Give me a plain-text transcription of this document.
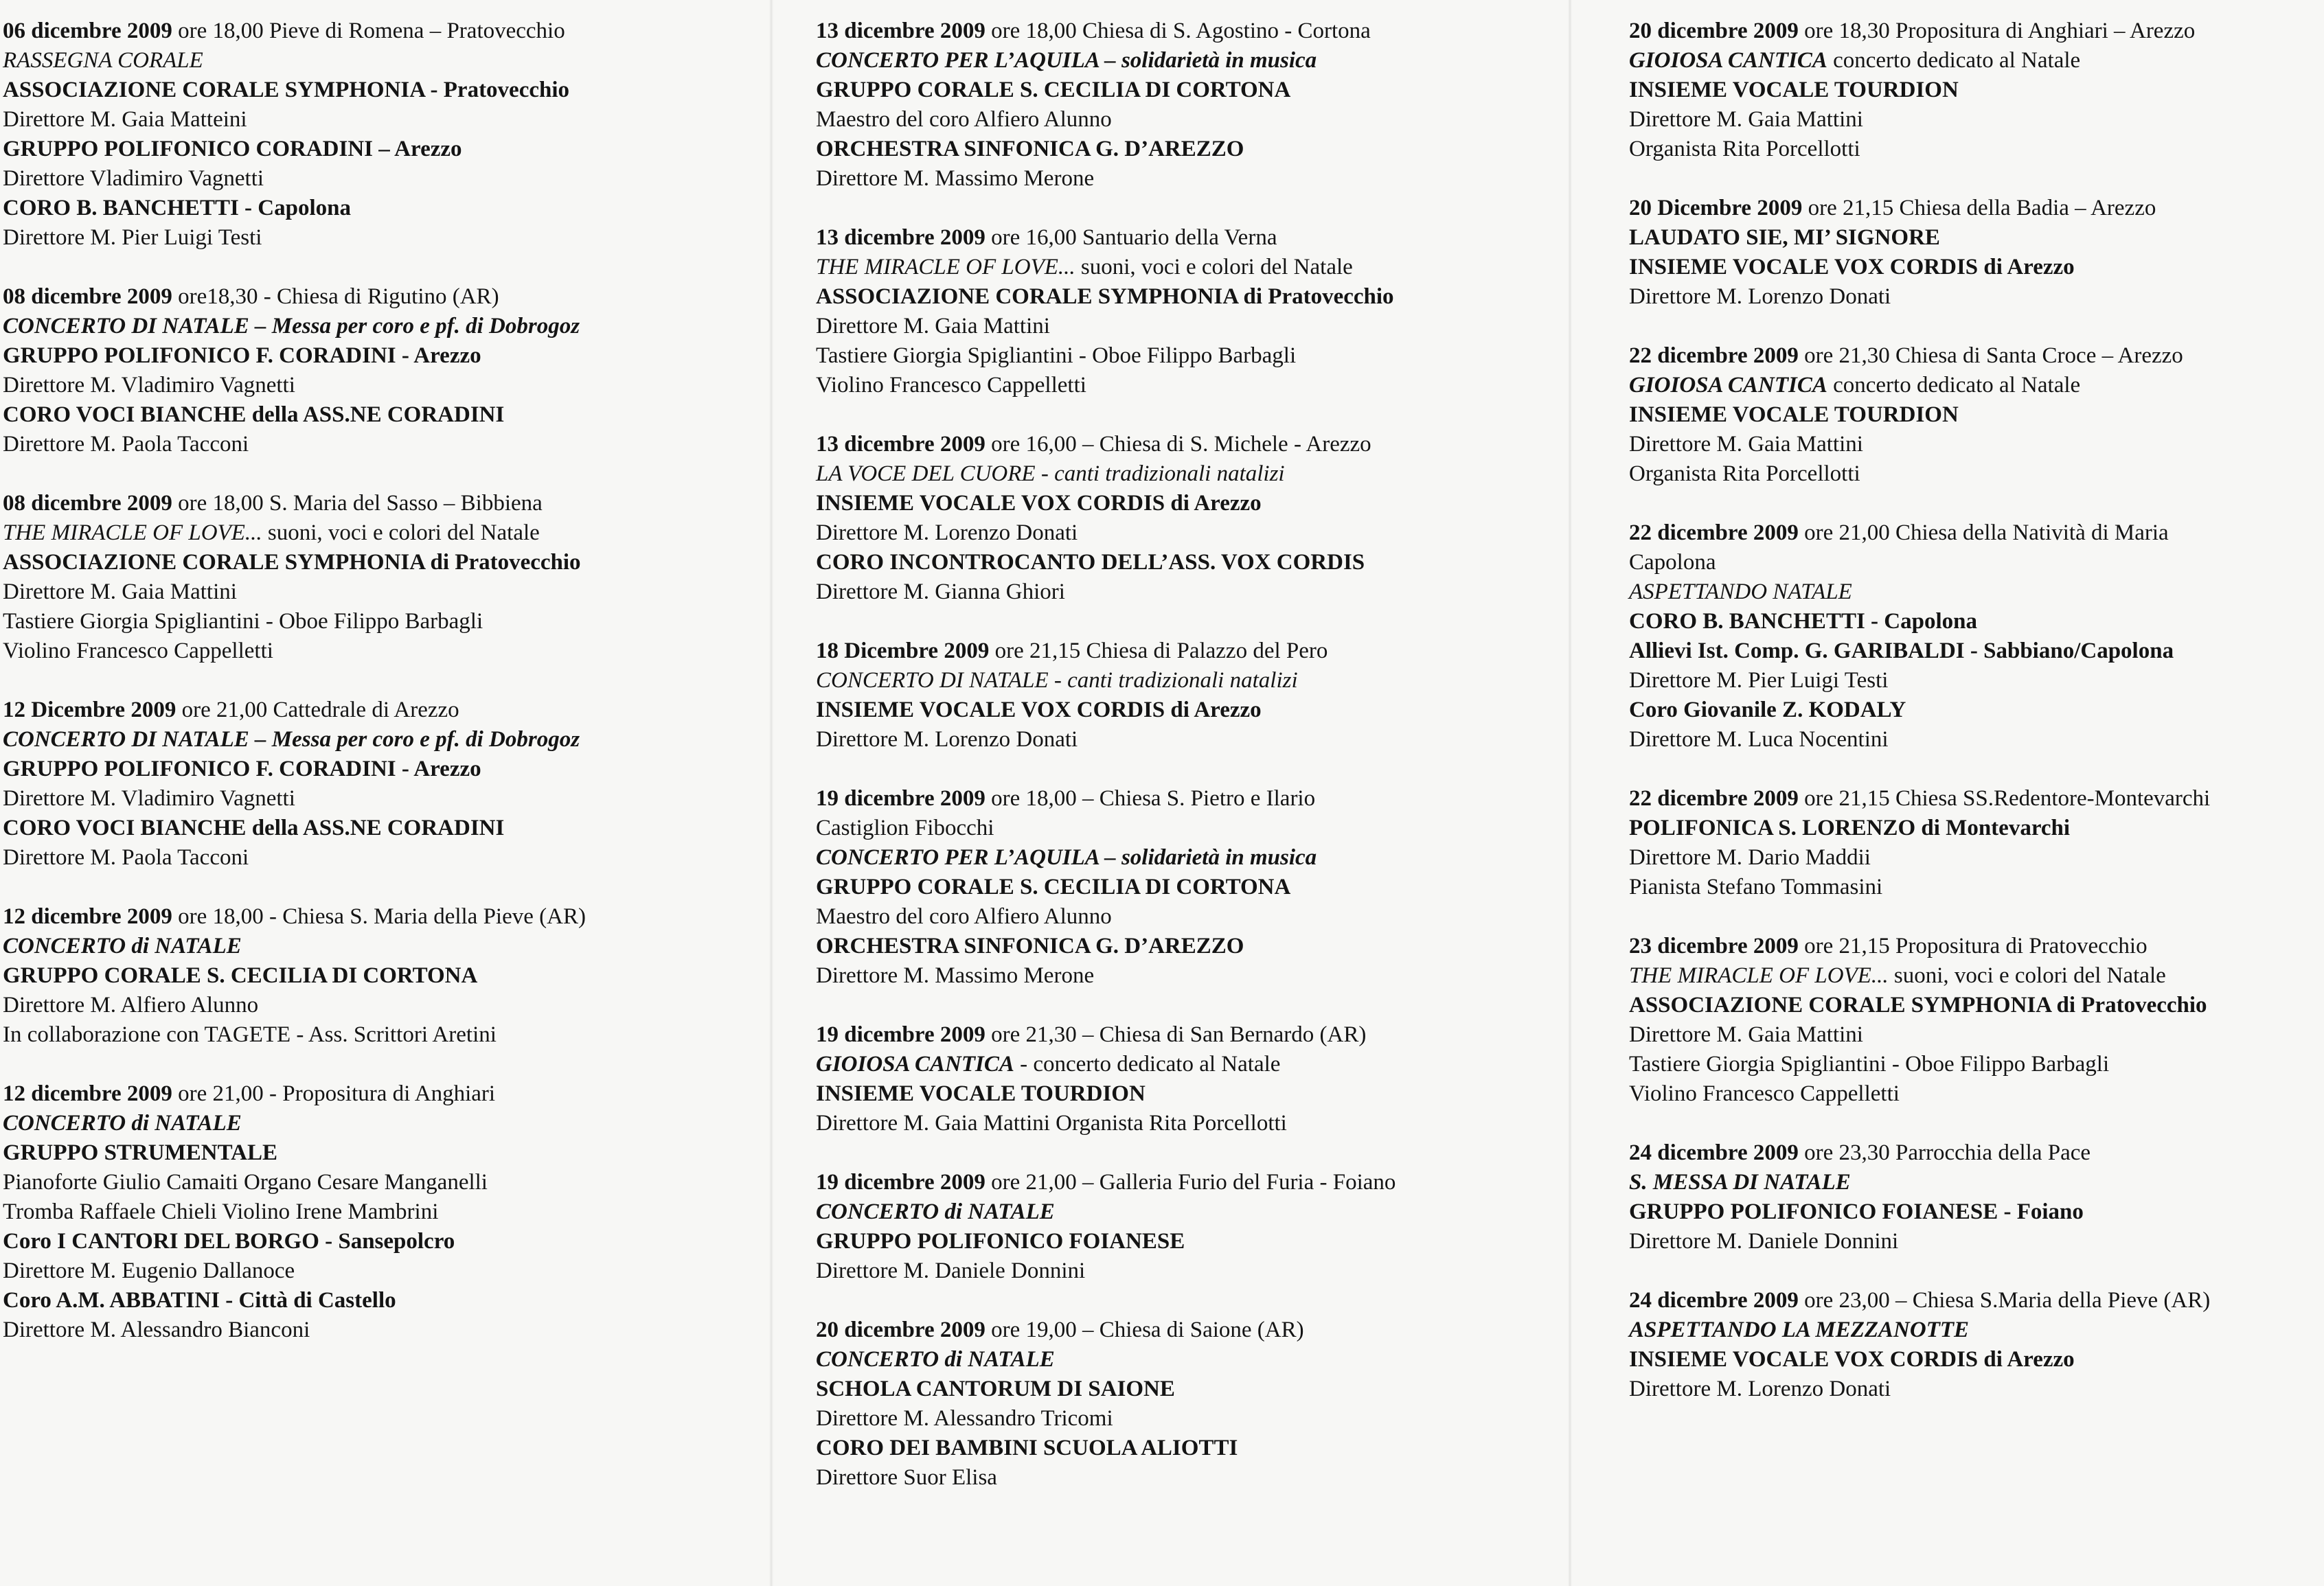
06 dicembre 2009 ore 18,00 Pieve di Romena – Pratovecchio
RASSEGNA CORALE
ASSOCIAZIONE CORALE SYMPHONIA - Pratovecchio
Direttore M. Gaia Matteini
GRUPPO POLIFONICO CORADINI – Arezzo
Direttore Vladimiro Vagnetti
CORO B. BANCHETTI - Capolona
Direttore M. Pier Luigi Testi
08 dicembre 2009 ore18,30 - Chiesa di Rigutino (AR)
CONCERTO DI NATALE – Messa per coro e pf. di Dobrogoz
GRUPPO POLIFONICO F. CORADINI - Arezzo
Direttore M. Vladimiro Vagnetti
CORO VOCI BIANCHE della ASS.NE CORADINI
Direttore M. Paola Tacconi
08 dicembre 2009 ore 18,00 S. Maria del Sasso – Bibbiena
THE MIRACLE OF LOVE... suoni, voci e colori del Natale
ASSOCIAZIONE CORALE SYMPHONIA di Pratovecchio
Direttore M. Gaia Mattini
Tastiere Giorgia Spigliantini - Oboe Filippo Barbagli
Violino Francesco Cappelletti
12 Dicembre 2009 ore 21,00 Cattedrale di Arezzo
CONCERTO DI NATALE – Messa per coro e pf. di Dobrogoz
GRUPPO POLIFONICO F. CORADINI - Arezzo
Direttore M. Vladimiro Vagnetti
CORO VOCI BIANCHE della ASS.NE CORADINI
Direttore M. Paola Tacconi
12 dicembre 2009 ore 18,00 - Chiesa S. Maria della Pieve (AR)
CONCERTO di NATALE
GRUPPO CORALE S. CECILIA DI CORTONA
Direttore M. Alfiero Alunno
In collaborazione con TAGETE - Ass. Scrittori Aretini
12 dicembre 2009 ore 21,00 - Propositura di Anghiari
CONCERTO di NATALE
GRUPPO STRUMENTALE
Pianoforte Giulio Camaiti Organo Cesare Manganelli
Tromba Raffaele Chieli Violino Irene Mambrini
Coro I CANTORI DEL BORGO - Sansepolcro
Direttore M. Eugenio Dallanoce
Coro A.M. ABBATINI - Città di Castello
Direttore M. Alessandro Bianconi
13 dicembre 2009 ore 18,00 Chiesa di S. Agostino - Cortona
CONCERTO PER L’AQUILA – solidarietà in musica
GRUPPO CORALE S. CECILIA DI CORTONA
Maestro del coro Alfiero Alunno
ORCHESTRA SINFONICA G. D’AREZZO
Direttore M. Massimo Merone
13 dicembre 2009 ore 16,00 Santuario della Verna
THE MIRACLE OF LOVE... suoni, voci e colori del Natale
ASSOCIAZIONE CORALE SYMPHONIA di Pratovecchio
Direttore M. Gaia Mattini
Tastiere Giorgia Spigliantini - Oboe Filippo Barbagli
Violino Francesco Cappelletti
13 dicembre 2009 ore 16,00 – Chiesa di S. Michele - Arezzo
LA VOCE DEL CUORE - canti tradizionali natalizi
INSIEME VOCALE VOX CORDIS di Arezzo
Direttore M. Lorenzo Donati
CORO INCONTROCANTO DELL’ASS. VOX CORDIS
Direttore M. Gianna Ghiori
18 Dicembre 2009 ore 21,15 Chiesa di Palazzo del Pero
CONCERTO DI NATALE - canti tradizionali natalizi
INSIEME VOCALE VOX CORDIS di Arezzo
Direttore M. Lorenzo Donati
19 dicembre 2009 ore 18,00 – Chiesa S. Pietro e Ilario
Castiglion Fibocchi
CONCERTO PER L’AQUILA – solidarietà in musica
GRUPPO CORALE S. CECILIA DI CORTONA
Maestro del coro Alfiero Alunno
ORCHESTRA SINFONICA G. D’AREZZO
Direttore M. Massimo Merone
19 dicembre 2009 ore 21,30 – Chiesa di San Bernardo (AR)
GIOIOSA CANTICA - concerto dedicato al Natale
INSIEME VOCALE TOURDION
Direttore M. Gaia Mattini Organista Rita Porcellotti
19 dicembre 2009 ore 21,00 – Galleria Furio del Furia - Foiano
CONCERTO di NATALE
GRUPPO POLIFONICO FOIANESE
Direttore M. Daniele Donnini
20 dicembre 2009 ore 19,00 – Chiesa di Saione (AR)
CONCERTO di NATALE
SCHOLA CANTORUM DI SAIONE
Direttore M. Alessandro Tricomi
CORO DEI BAMBINI SCUOLA ALIOTTI
Direttore Suor Elisa
20 dicembre 2009 ore 18,30 Propositura di Anghiari – Arezzo
GIOIOSA CANTICA concerto dedicato al Natale
INSIEME VOCALE TOURDION
Direttore M. Gaia Mattini
Organista Rita Porcellotti
20 Dicembre 2009 ore 21,15 Chiesa della Badia – Arezzo
LAUDATO SIE, MI’ SIGNORE
INSIEME VOCALE VOX CORDIS di Arezzo
Direttore M. Lorenzo Donati
22 dicembre 2009 ore 21,30 Chiesa di Santa Croce – Arezzo
GIOIOSA CANTICA concerto dedicato al Natale
INSIEME VOCALE TOURDION
Direttore M. Gaia Mattini
Organista Rita Porcellotti
22 dicembre 2009 ore 21,00 Chiesa della Natività di Maria
Capolona
ASPETTANDO NATALE
CORO B. BANCHETTI - Capolona
Allievi Ist. Comp. G. GARIBALDI - Sabbiano/Capolona
Direttore M. Pier Luigi Testi
Coro Giovanile Z. KODALY
Direttore M. Luca Nocentini
22 dicembre 2009 ore 21,15 Chiesa SS.Redentore-Montevarchi
POLIFONICA S. LORENZO di Montevarchi
Direttore M. Dario Maddii
Pianista Stefano Tommasini
23 dicembre 2009 ore 21,15 Propositura di Pratovecchio
THE MIRACLE OF LOVE... suoni, voci e colori del Natale
ASSOCIAZIONE CORALE SYMPHONIA di Pratovecchio
Direttore M. Gaia Mattini
Tastiere Giorgia Spigliantini - Oboe Filippo Barbagli
Violino Francesco Cappelletti
24 dicembre 2009 ore 23,30 Parrocchia della Pace
S. MESSA DI NATALE
GRUPPO POLIFONICO FOIANESE - Foiano
Direttore M. Daniele Donnini
24 dicembre 2009 ore 23,00 – Chiesa S.Maria della Pieve (AR)
ASPETTANDO LA MEZZANOTTE
INSIEME VOCALE VOX CORDIS di Arezzo
Direttore M. Lorenzo Donati
